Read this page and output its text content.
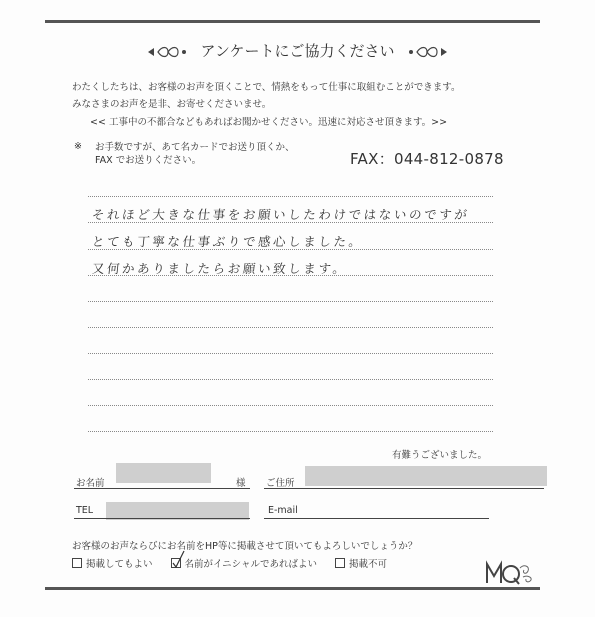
アンケートにご協力ください
わたくしたちは、お客様のお声を頂くことで、情熱をもって仕事に取組むことができます。
みなさまのお声を是非、お寄せくださいませ。
<< 工事中の不都合などもあればお聞かせください。迅速に対応させ頂きます。>>
※ お手数ですが、あて名カードでお送り頂くか、
FAX でお送りください。	FAX：044-812-0878
それほど大きな仕事をお願いしたわけではないのですが
とても丁寧な仕事ぶりで感心しました。
又何かありましたらお願い致します。
有難うございました。
お名前	様 ご住所
TEL	E-mail
お客様のお声ならびにお名前をHP等に掲載させて頂いてもよろしいでしょうか？
掲載してもよい	名前がイニシャルであればよい	掲載不可
